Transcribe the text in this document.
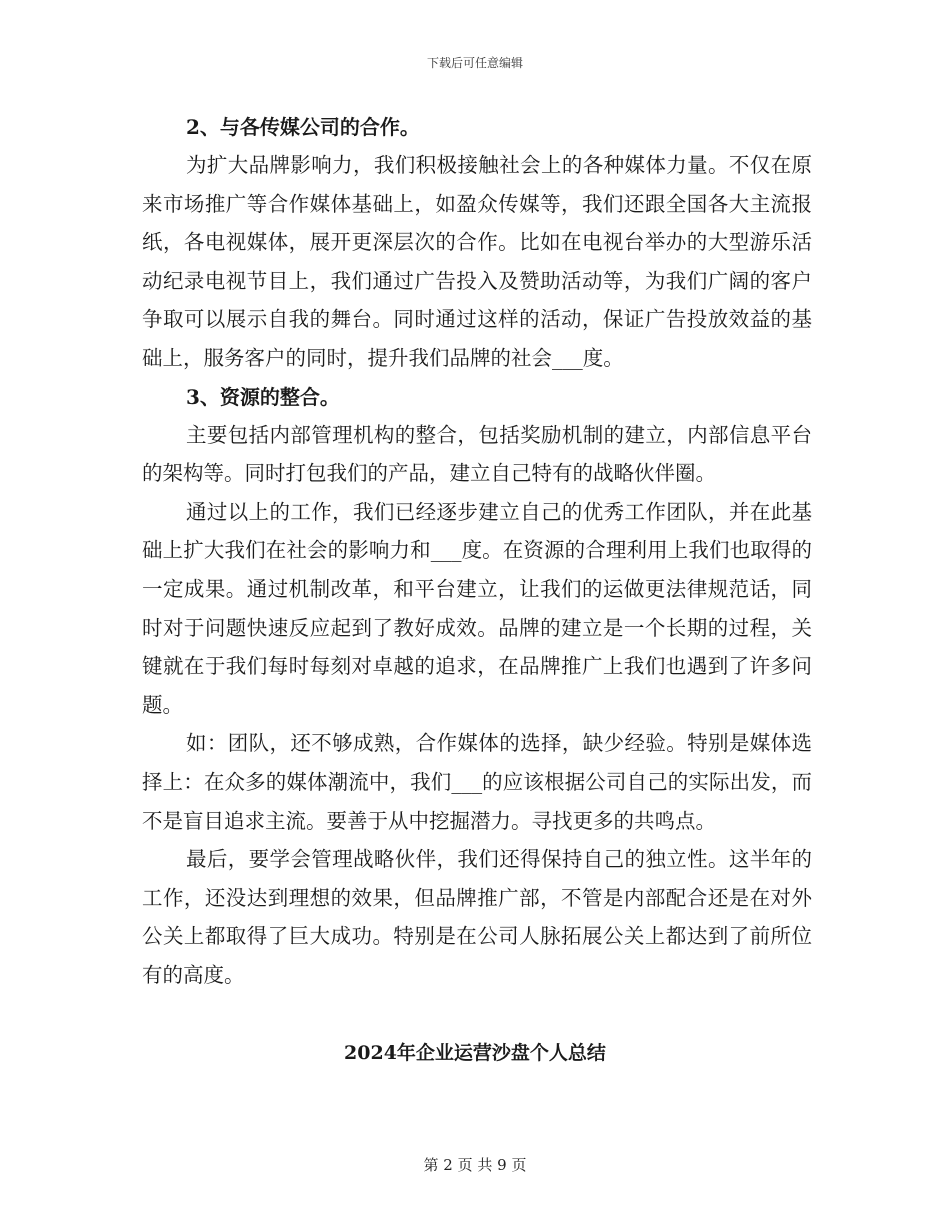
下载后可任意编辑

2、与各传媒公司的合作。

为扩大品牌影响力，我们积极接触社会上的各种媒体力量。不仅在原来市场推广等合作媒体基础上，如盈众传媒等，我们还跟全国各大主流报纸，各电视媒体，展开更深层次的合作。比如在电视台举办的大型游乐活动纪录电视节目上，我们通过广告投入及赞助活动等，为我们广阔的客户争取可以展示自我的舞台。同时通过这样的活动，保证广告投放效益的基础上，服务客户的同时，提升我们品牌的社会___度。

3、资源的整合。

主要包括内部管理机构的整合，包括奖励机制的建立，内部信息平台的架构等。同时打包我们的产品，建立自己特有的战略伙伴圈。

通过以上的工作，我们已经逐步建立自己的优秀工作团队，并在此基础上扩大我们在社会的影响力和___度。在资源的合理利用上我们也取得的一定成果。通过机制改革，和平台建立，让我们的运做更法律规范话，同时对于问题快速反应起到了教好成效。品牌的建立是一个长期的过程，关键就在于我们每时每刻对卓越的追求，在品牌推广上我们也遇到了许多问题。

如：团队，还不够成熟，合作媒体的选择，缺少经验。特别是媒体选择上：在众多的媒体潮流中，我们___的应该根据公司自己的实际出发，而不是盲目追求主流。要善于从中挖掘潜力。寻找更多的共鸣点。

最后，要学会管理战略伙伴，我们还得保持自己的独立性。这半年的工作，还没达到理想的效果，但品牌推广部，不管是内部配合还是在对外公关上都取得了巨大成功。特别是在公司人脉拓展公关上都达到了前所位有的高度。

2024年企业运营沙盘个人总结
第 2 页 共 9 页
